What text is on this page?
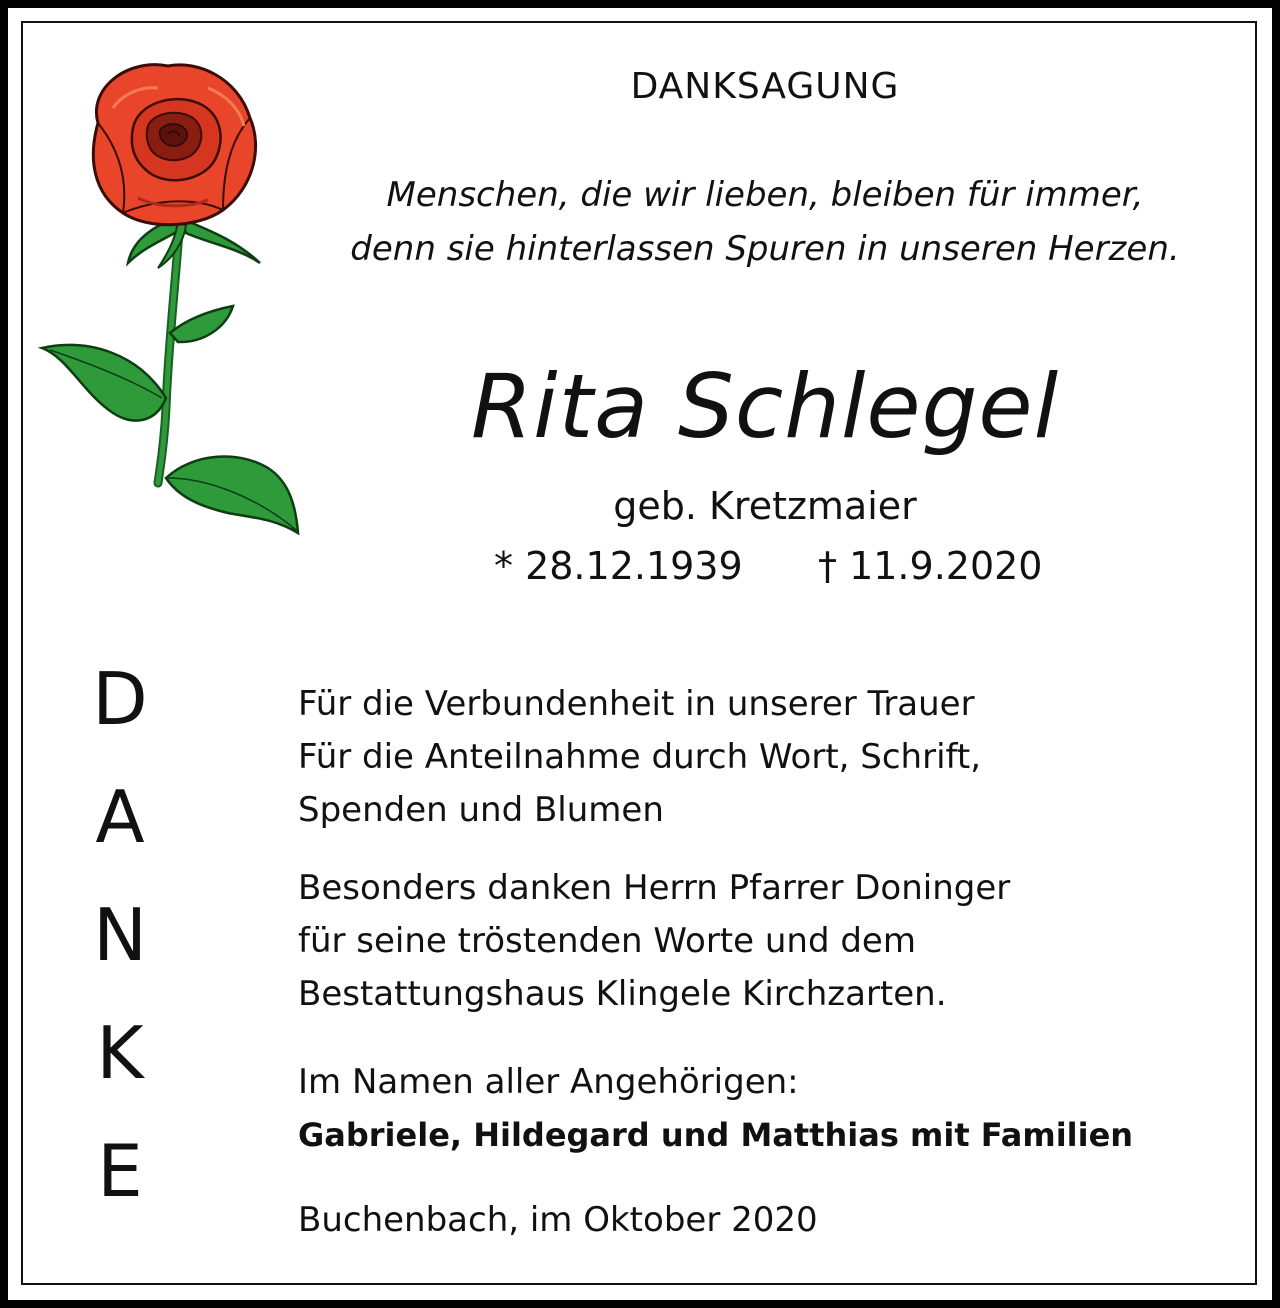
DANKSAGUNG
Menschen, die wir lieben, bleiben für immer,
denn sie hinterlassen Spuren in unseren Herzen.
Rita Schlegel
geb. Kretzmaier
* 28.12.1939 † 11.9.2020
D
A
N
K
E

Für die Verbundenheit in unserer Trauer

Für die Anteilnahme durch Wort, Schrift,

Spenden und Blumen

Besonders danken Herrn Pfarrer Doninger

für seine tröstenden Worte und dem

Bestattungshaus Klingele Kirchzarten.

Im Namen aller Angehörigen:

Gabriele, Hildegard und Matthias mit Familien

Buchenbach, im Oktober 2020
